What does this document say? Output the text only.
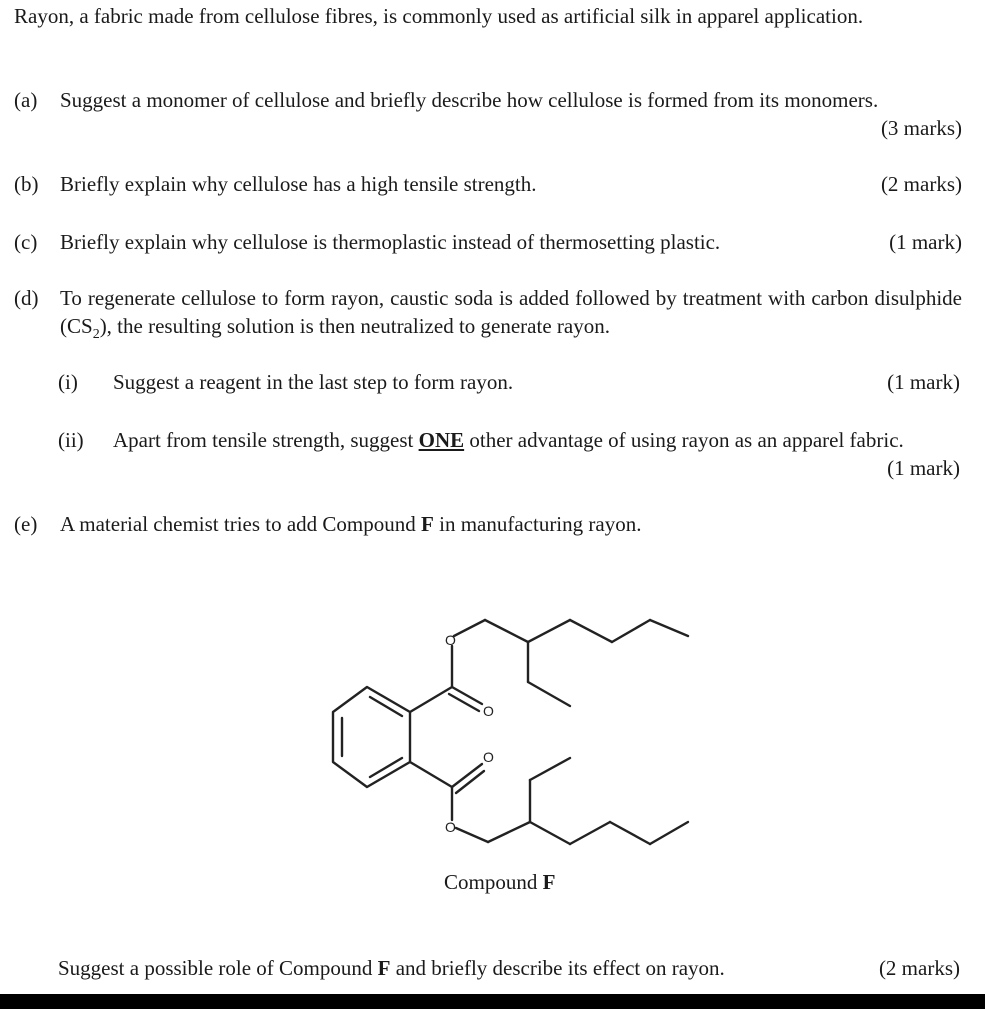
Rayon, a fabric made from cellulose fibres, is commonly used as artificial silk in apparel application.
(a) Suggest a monomer of cellulose and briefly describe how cellulose is formed from its monomers.
(3 marks)
(b) Briefly explain why cellulose has a high tensile strength.	(2 marks)
(c) Briefly explain why cellulose is thermoplastic instead of thermosetting plastic.	(1 mark)
(d) To regenerate cellulose to form rayon, caustic soda is added followed by treatment with carbon disulphide $(CS_2)$, the resulting solution is then neutralized to generate rayon.
(i) Suggest a reagent in the last step to form rayon.	(1 mark)
(ii) Apart from tensile strength, suggest ONE other advantage of using rayon as an apparel fabric.
(1 mark)
(e) A material chemist tries to add Compound F in manufacturing rayon.
O
O
O
O
Compound F
Suggest a possible role of Compound F and briefly describe its effect on rayon.	(2 marks)
